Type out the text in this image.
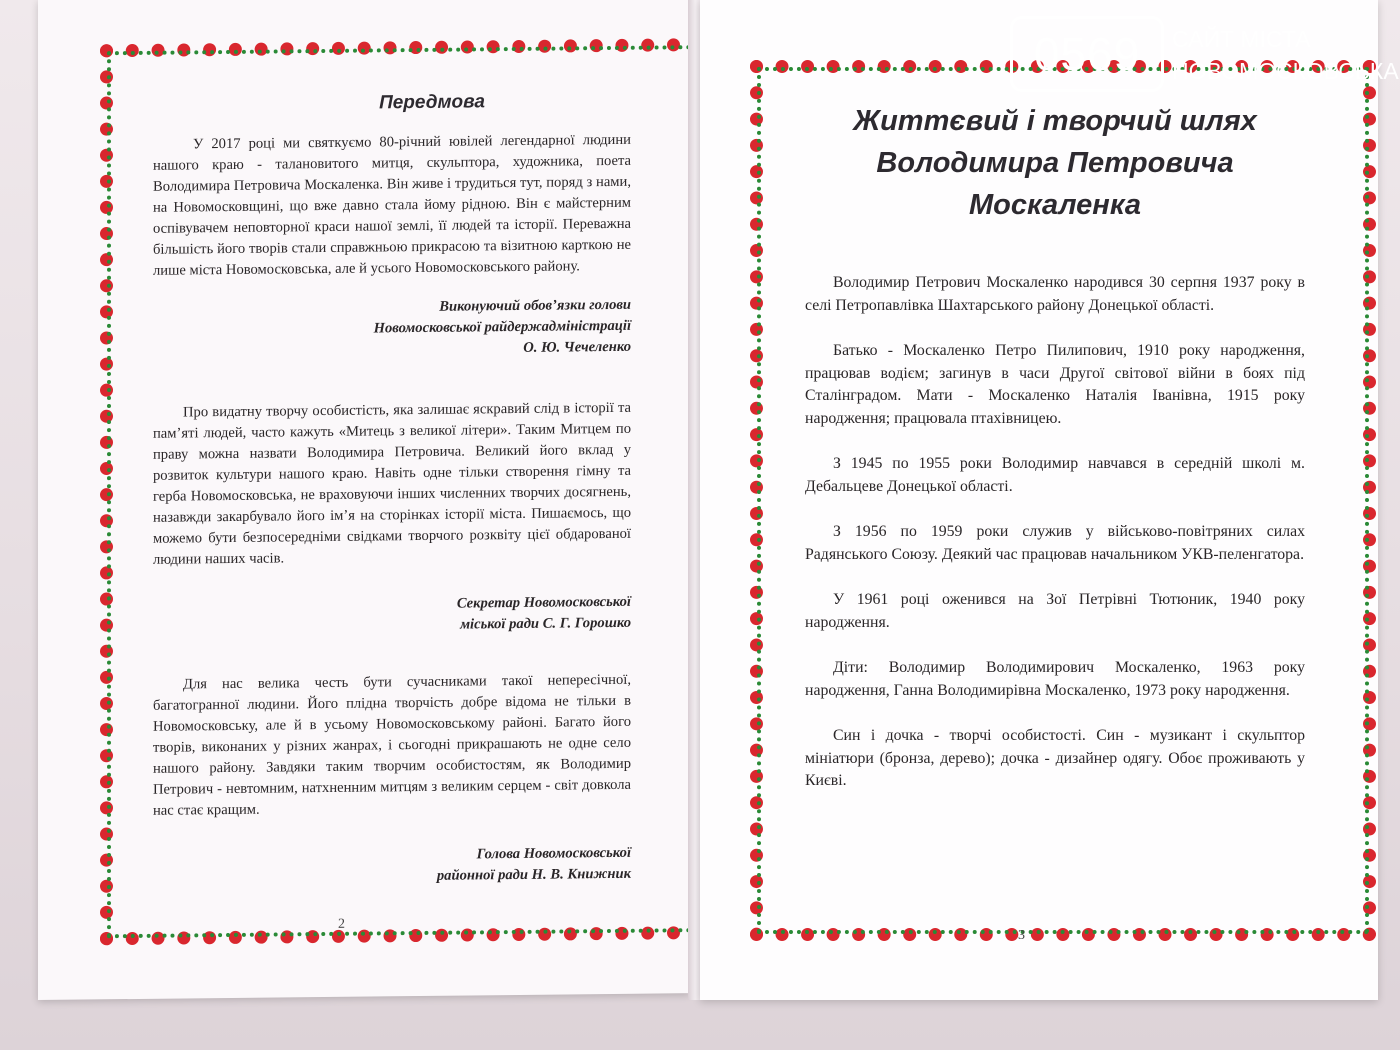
Передмова

У 2017 році ми святкуємо 80-річний ювілей легендарної людини нашого краю - талановитого митця, скульптора, художника, поета Володимира Петровича Москаленка. Він живе і трудиться тут, поряд з нами, на Новомосковщині, що вже давно стала йому рідною. Він є майстерним оспівувачем неповторної краси нашої землі, її людей та історії. Переважна більшість його творів стали справжньою прикрасою та візитною карткою не лише міста Новомосковська, але й усього Новомосковського району.

Виконуючий обов’язки голови

Новомосковської райдержадміністрації

О. Ю. Чечеленко

Про видатну творчу особистість, яка залишає яскравий слід в історії та пам’яті людей, часто кажуть «Митець з великої літери». Таким Митцем по праву можна назвати Володимира Петровича. Великий його вклад у розвиток культури нашого краю. Навіть одне тільки створення гімну та герба Новомосковська, не враховуючи інших численних творчих досягнень, назавжди закарбувало його ім’я на сторінках історії міста. Пишаємось, що можемо бути безпосередніми свідками творчого розквіту цієї обдарованої людини наших часів.

Секретар Новомосковської

міської ради С. Г. Горошко

Для нас велика честь бути сучасниками такої непересічної, багатогранної людини. Його плідна творчість добре відома не тільки в Новомосковську, але й в усьому Новомосковському районі. Багато його творів, виконаних у різних жанрах, і сьогодні прикрашають не одне село нашого району. Завдяки таким творчим особистостям, як Володимир Петрович - невтомним, натхненним митцям з великим серцем - світ довкола нас стає кращим.

Голова Новомосковської

районної ради Н. В. Книжник

2
Життєвий і творчий шлях
Володимира Петровича
Москаленка

Володимир Петрович Москаленко народився 30 серпня 1937 року в селі Петропавлівка Шахтарського району Донецької області.

Батько - Москаленко Петро Пилипович, 1910 року народження, працював водієм; загинув в часи Другої світової війни в боях під Сталінградом. Мати - Москаленко Наталія Іванівна, 1915 року народження; працювала птахівницею.

З 1945 по 1955 роки Володимир навчався в середній школі м. Дебальцеве Донецької області.

З 1956 по 1959 роки служив у військово-повітряних силах Радянського Союзу. Деякий час працював начальником УКВ-пеленгатора.

У 1961 році оженився на Зої Петрівні Тютюник, 1940 року народження.

Діти: Володимир Володимирович Москаленко, 1963 року народження, Ганна Володимирівна Москаленко, 1973 року народження.

Син і дочка - творчі особистості. Син - музикант і скульптор мініатюри (бронза, дерево); дочка - дизайнер одягу. Обоє проживають у Києві.

3
0569	САЙТ МІСТА
НОВОМОСКОВСЬКА
